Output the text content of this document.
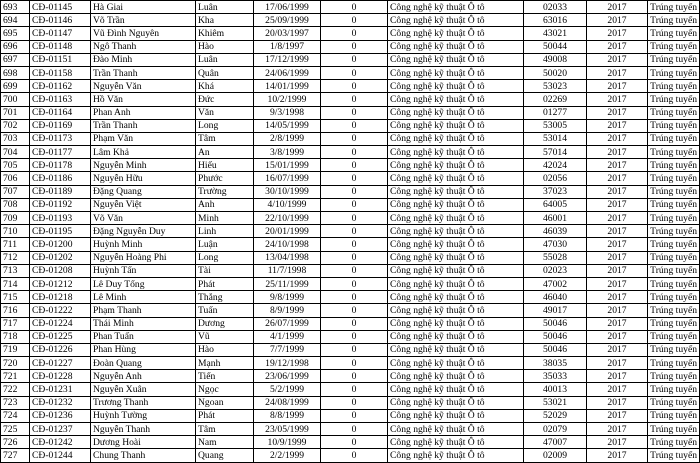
693	CĐ-01145	Hà Giai	Luân	17/06/1999	0	Công nghệ kỹ thuật Ô tô	02033	2017	Trúng tuyển
694	CĐ-01146	Võ Trần	Kha	25/09/1999	0	Công nghệ kỹ thuật Ô tô	63016	2017	Trúng tuyển
695	CĐ-01147	Vũ Đình Nguyên	Khiêm	20/03/1997	0	Công nghệ kỹ thuật Ô tô	43021	2017	Trúng tuyển
696	CĐ-01148	Ngô Thanh	Hào	1/8/1997	0	Công nghệ kỹ thuật Ô tô	50044	2017	Trúng tuyển
697	CĐ-01151	Đào Minh	Luân	17/12/1999	0	Công nghệ kỹ thuật Ô tô	49008	2017	Trúng tuyển
698	CĐ-01158	Trần Thanh	Quân	24/06/1999	0	Công nghệ kỹ thuật Ô tô	50020	2017	Trúng tuyển
699	CĐ-01162	Nguyễn Văn	Khá	14/01/1999	0	Công nghệ kỹ thuật Ô tô	53023	2017	Trúng tuyển
700	CĐ-01163	Hồ Văn	Đức	10/2/1999	0	Công nghệ kỹ thuật Ô tô	02269	2017	Trúng tuyển
701	CĐ-01164	Phan Anh	Văn	9/3/1998	0	Công nghệ kỹ thuật Ô tô	01277	2017	Trúng tuyển
702	CĐ-01169	Trần Thanh	Long	14/05/1999	0	Công nghệ kỹ thuật Ô tô	53005	2017	Trúng tuyển
703	CĐ-01173	Phạm Văn	Tâm	2/8/1999	0	Công nghệ kỹ thuật Ô tô	53014	2017	Trúng tuyển
704	CĐ-01177	Lâm Khả	An	3/8/1999	0	Công nghệ kỹ thuật Ô tô	57014	2017	Trúng tuyển
705	CĐ-01178	Nguyễn Minh	Hiếu	15/01/1999	0	Công nghệ kỹ thuật Ô tô	42024	2017	Trúng tuyển
706	CĐ-01186	Nguyễn Hữu	Phước	16/07/1999	0	Công nghệ kỹ thuật Ô tô	02056	2017	Trúng tuyển
707	CĐ-01189	Đặng Quang	Trường	30/10/1999	0	Công nghệ kỹ thuật Ô tô	37023	2017	Trúng tuyển
708	CĐ-01192	Nguyễn Việt	Anh	4/10/1999	0	Công nghệ kỹ thuật Ô tô	64005	2017	Trúng tuyển
709	CĐ-01193	Võ Văn	Minh	22/10/1999	0	Công nghệ kỹ thuật Ô tô	46001	2017	Trúng tuyển
710	CĐ-01195	Đặng Nguyễn Duy	Linh	20/01/1999	0	Công nghệ kỹ thuật Ô tô	46039	2017	Trúng tuyển
711	CĐ-01200	Huỳnh Minh	Luận	24/10/1998	0	Công nghệ kỹ thuật Ô tô	47030	2017	Trúng tuyển
712	CĐ-01202	Nguyễn Hoàng Phi	Long	13/04/1998	0	Công nghệ kỹ thuật Ô tô	55028	2017	Trúng tuyển
713	CĐ-01208	Huỳnh Tấn	Tài	11/7/1998	0	Công nghệ kỹ thuật Ô tô	02023	2017	Trúng tuyển
714	CĐ-01212	Lê Duy Tổng	Phát	25/11/1999	0	Công nghệ kỹ thuật Ô tô	47002	2017	Trúng tuyển
715	CĐ-01218	Lê Minh	Thắng	9/8/1999	0	Công nghệ kỹ thuật Ô tô	46040	2017	Trúng tuyển
716	CĐ-01222	Phạm Thanh	Tuấn	8/9/1999	0	Công nghệ kỹ thuật Ô tô	49017	2017	Trúng tuyển
717	CĐ-01224	Thái Minh	Dương	26/07/1999	0	Công nghệ kỹ thuật Ô tô	50046	2017	Trúng tuyển
718	CĐ-01225	Phan Tuấn	Vũ	4/1/1999	0	Công nghệ kỹ thuật Ô tô	50046	2017	Trúng tuyển
719	CĐ-01226	Phan Hùng	Hào	7/7/1999	0	Công nghệ kỹ thuật Ô tô	50046	2017	Trúng tuyển
720	CĐ-01227	Đoàn Quang	Mạnh	19/12/1998	0	Công nghệ kỹ thuật Ô tô	38035	2017	Trúng tuyển
721	CĐ-01228	Nguyễn Anh	Tiến	23/06/1999	0	Công nghệ kỹ thuật Ô tô	35033	2017	Trúng tuyển
722	CĐ-01231	Nguyễn Xuân	Ngọc	5/2/1999	0	Công nghệ kỹ thuật Ô tô	40013	2017	Trúng tuyển
723	CĐ-01232	Trương Thanh	Ngoan	24/08/1999	0	Công nghệ kỹ thuật Ô tô	53021	2017	Trúng tuyển
724	CĐ-01236	Huỳnh Tường	Phát	8/8/1999	0	Công nghệ kỹ thuật Ô tô	52029	2017	Trúng tuyển
725	CĐ-01237	Nguyễn Thanh	Tâm	23/05/1999	0	Công nghệ kỹ thuật Ô tô	02079	2017	Trúng tuyển
726	CĐ-01242	Dương Hoài	Nam	10/9/1999	0	Công nghệ kỹ thuật Ô tô	47007	2017	Trúng tuyển
727	CĐ-01244	Chung Thanh	Quang	2/2/1999	0	Công nghệ kỹ thuật Ô tô	02009	2017	Trúng tuyển
